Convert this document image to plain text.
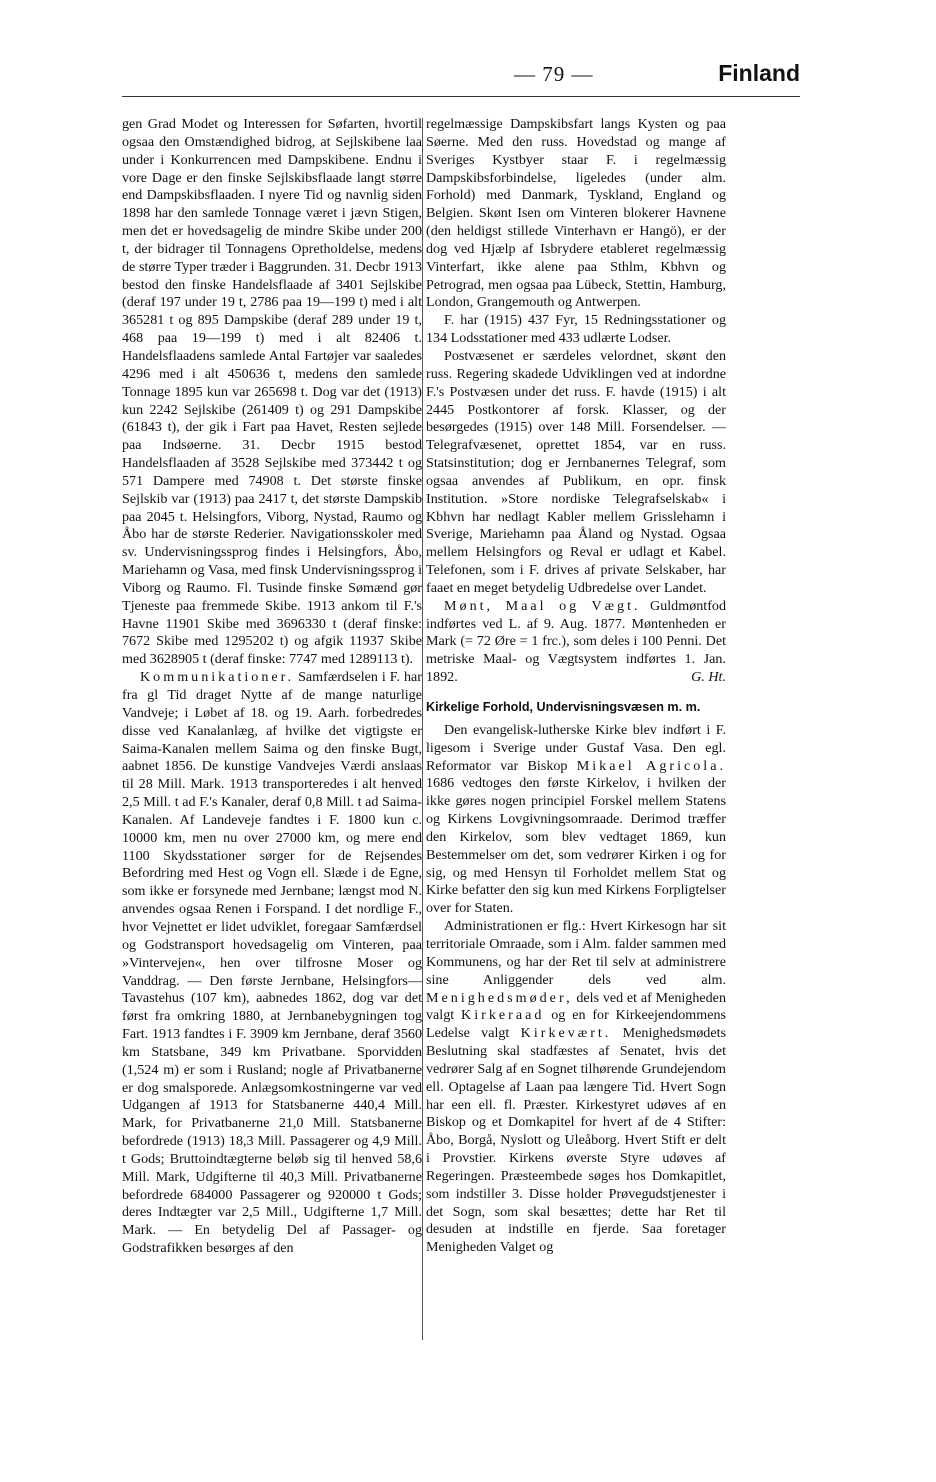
— 79 —	Finland

gen Grad Modet og Interessen for Søfarten, hvortil ogsaa den Omstændighed bidrog, at Sejlskibene laa under i Konkurrencen med Dampskibene. Endnu i vore Dage er den finske Sejlskibsflaade langt større end Dampskibsflaaden. I nyere Tid og navnlig siden 1898 har den samlede Tonnage været i jævn Stigen, men det er hovedsagelig de mindre Skibe under 200 t, der bidrager til Tonnagens Opretholdelse, medens de større Typer træder i Baggrunden. 31. Decbr 1913 bestod den finske Handelsflaade af 3401 Sejlskibe (deraf 197 under 19 t, 2786 paa 19—199 t) med i alt 365281 t og 895 Dampskibe (deraf 289 under 19 t, 468 paa 19—199 t) med i alt 82406 t. Handelsflaadens samlede Antal Fartøjer var saaledes 4296 med i alt 450636 t, medens den samlede Tonnage 1895 kun var 265698 t. Dog var det (1913) kun 2242 Sejlskibe (261409 t) og 291 Dampskibe (61843 t), der gik i Fart paa Havet, Resten sejlede paa Indsøerne. 31. Decbr 1915 bestod Handelsflaaden af 3528 Sejlskibe med 373442 t og 571 Dampere med 74908 t. Det største finske Sejlskib var (1913) paa 2417 t, det største Dampskib paa 2045 t. Helsingfors, Viborg, Nystad, Raumo og Åbo har de største Rederier. Navigationsskoler med sv. Undervisningssprog findes i Helsingfors, Åbo, Mariehamn og Vasa, med finsk Undervisningssprog i Viborg og Raumo. Fl. Tusinde finske Sømænd gør Tjeneste paa fremmede Skibe. 1913 ankom til F.'s Havne 11901 Skibe med 3696330 t (deraf finske: 7672 Skibe med 1295202 t) og afgik 11937 Skibe med 3628905 t (deraf finske: 7747 med 1289113 t).

Kommunikationer. Samfærdselen i F. har fra gl Tid draget Nytte af de mange naturlige Vandveje; i Løbet af 18. og 19. Aarh. forbedredes disse ved Kanalanlæg, af hvilke det vigtigste er Saima-Kanalen mellem Saima og den finske Bugt, aabnet 1856. De kunstige Vandvejes Værdi anslaas til 28 Mill. Mark. 1913 transporteredes i alt henved 2,5 Mill. t ad F.'s Kanaler, deraf 0,8 Mill. t ad Saima-Kanalen. Af Landeveje fandtes i F. 1800 kun c. 10000 km, men nu over 27000 km, og mere end 1100 Skydsstationer sørger for de Rejsendes Befordring med Hest og Vogn ell. Slæde i de Egne, som ikke er forsynede med Jernbane; længst mod N. anvendes ogsaa Renen i Forspand. I det nordlige F., hvor Vejnettet er lidet udviklet, foregaar Samfærdsel og Godstransport hovedsagelig om Vinteren, paa »Vintervejen«, hen over tilfrosne Moser og Vanddrag. — Den første Jernbane, Helsingfors—Tavastehus (107 km), aabnedes 1862, dog var det først fra omkring 1880, at Jernbanebygningen tog Fart. 1913 fandtes i F. 3909 km Jernbane, deraf 3560 km Statsbane, 349 km Privatbane. Sporvidden (1,524 m) er som i Rusland; nogle af Privatbanerne er dog smalsporede. Anlægsomkostningerne var ved Udgangen af 1913 for Statsbanerne 440,4 Mill. Mark, for Privatbanerne 21,0 Mill. Statsbanerne befordrede (1913) 18,3 Mill. Passagerer og 4,9 Mill. t Gods; Bruttoindtægterne beløb sig til henved 58,6 Mill. Mark, Udgifterne til 40,3 Mill. Privatbanerne befordrede 684000 Passagerer og 920000 t Gods; deres Indtægter var 2,5 Mill., Udgifterne 1,7 Mill. Mark. — En betydelig Del af Passager- og Godstrafikken besørges af den

regelmæssige Dampskibsfart langs Kysten og paa Søerne. Med den russ. Hovedstad og mange af Sveriges Kystbyer staar F. i regelmæssig Dampskibsforbindelse, ligeledes (under alm. Forhold) med Danmark, Tyskland, England og Belgien. Skønt Isen om Vinteren blokerer Havnene (den heldigst stillede Vinterhavn er Hangö), er der dog ved Hjælp af Isbrydere etableret regelmæssig Vinterfart, ikke alene paa Sthlm, Kbhvn og Petrograd, men ogsaa paa Lübeck, Stettin, Hamburg, London, Grangemouth og Antwerpen.

F. har (1915) 437 Fyr, 15 Redningsstationer og 134 Lodsstationer med 433 udlærte Lodser.

Postvæsenet er særdeles velordnet, skønt den russ. Regering skadede Udviklingen ved at indordne F.'s Postvæsen under det russ. F. havde (1915) i alt 2445 Postkontorer af forsk. Klasser, og der besørgedes (1915) over 148 Mill. Forsendelser. — Telegrafvæsenet, oprettet 1854, var en russ. Statsinstitution; dog er Jernbanernes Telegraf, som ogsaa anvendes af Publikum, en opr. finsk Institution. »Store nordiske Telegrafselskab« i Kbhvn har nedlagt Kabler mellem Grisslehamn i Sverige, Mariehamn paa Åland og Nystad. Ogsaa mellem Helsingfors og Reval er udlagt et Kabel. Telefonen, som i F. drives af private Selskaber, har faaet en meget betydelig Udbredelse over Landet.

Mønt, Maal og Vægt. Guldmøntfod indførtes ved L. af 9. Aug. 1877. Møntenheden er Mark (= 72 Øre = 1 frc.), som deles i 100 Penni. Det metriske Maal- og Vægtsystem indførtes 1. Jan. 1892.	G. Ht.

Kirkelige Forhold, Undervisningsvæsen m. m.

Den evangelisk-lutherske Kirke blev indført i F. ligesom i Sverige under Gustaf Vasa. Den egl. Reformator var Biskop Mikael Agricola. 1686 vedtoges den første Kirkelov, i hvilken der ikke gøres nogen principiel Forskel mellem Statens og Kirkens Lovgivningsomraade. Derimod træffer den Kirkelov, som blev vedtaget 1869, kun Bestemmelser om det, som vedrører Kirken i og for sig, og med Hensyn til Forholdet mellem Stat og Kirke befatter den sig kun med Kirkens Forpligtelser over for Staten.

Administrationen er flg.: Hvert Kirkesogn har sit territoriale Omraade, som i Alm. falder sammen med Kommunens, og har der Ret til selv at administrere sine Anliggender dels ved alm. Menighedsmøder, dels ved et af Menigheden valgt Kirkeraad og en for Kirkeejendommens Ledelse valgt Kirkevært. Menighedsmødets Beslutning skal stadfæstes af Senatet, hvis det vedrører Salg af en Sognet tilhørende Grundejendom ell. Optagelse af Laan paa længere Tid. Hvert Sogn har een ell. fl. Præster. Kirkestyret udøves af en Biskop og et Domkapitel for hvert af de 4 Stifter: Åbo, Borgå, Nyslott og Uleåborg. Hvert Stift er delt i Provstier. Kirkens øverste Styre udøves af Regeringen. Præsteembede søges hos Domkapitlet, som indstiller 3. Disse holder Prøvegudstjenester i det Sogn, som skal besættes; dette har Ret til desuden at indstille en fjerde. Saa foretager Menigheden Valget og
